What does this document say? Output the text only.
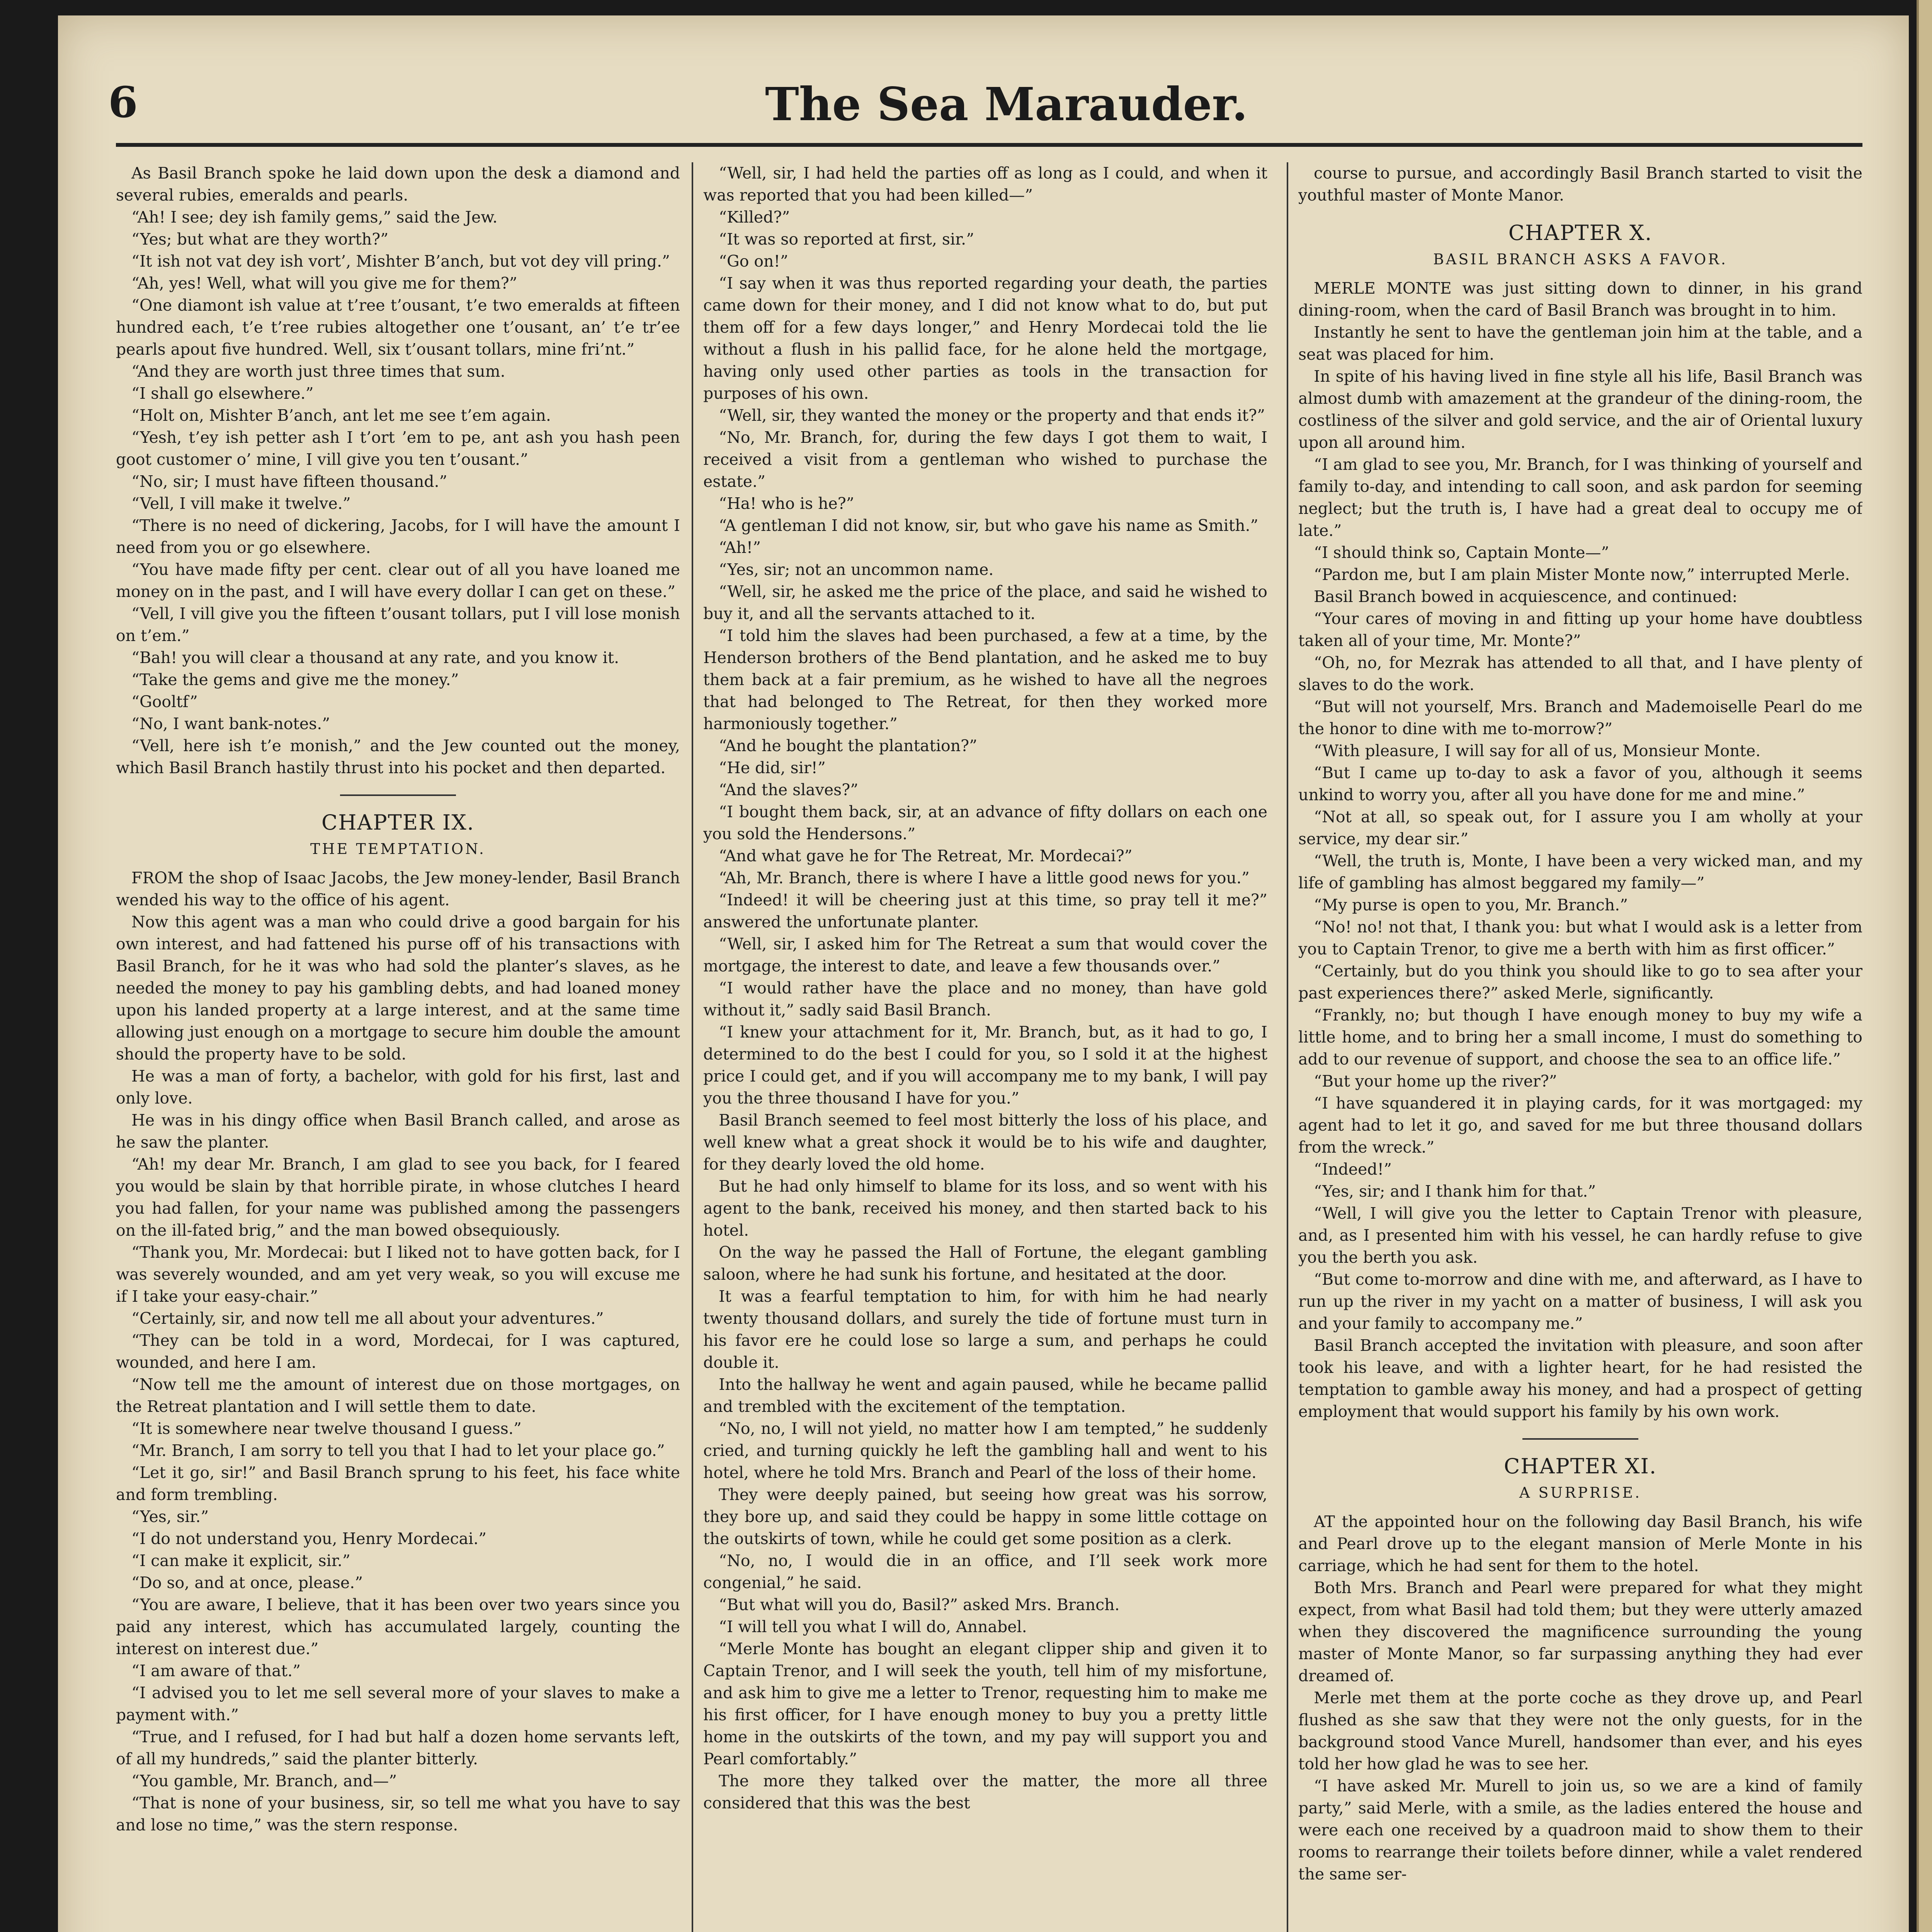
6	The Sea Marauder.

As Basil Branch spoke he laid down upon the desk a diamond and several rubies, emeralds and pearls.

“Ah! I see; dey ish family gems,” said the Jew.

“Yes; but what are they worth?”

“It ish not vat dey ish vort’, Mishter B’anch, but vot dey vill pring.”

“Ah, yes! Well, what will you give me for them?”

“One diamont ish value at t’ree t’ousant, t’e two emeralds at fifteen hundred each, t’e t’ree rubies altogether one t’ousant, an’ t’e tr’ee pearls apout five hundred. Well, six t’ousant tollars, mine fri’nt.”

“And they are worth just three times that sum.

“I shall go elsewhere.”

“Holt on, Mishter B’anch, ant let me see t’em again.

“Yesh, t’ey ish petter ash I t’ort ’em to pe, ant ash you hash peen goot customer o’ mine, I vill give you ten t’ousant.”

“No, sir; I must have fifteen thousand.”

“Vell, I vill make it twelve.”

“There is no need of dickering, Jacobs, for I will have the amount I need from you or go elsewhere.

“You have made fifty per cent. clear out of all you have loaned me money on in the past, and I will have every dollar I can get on these.”

“Vell, I vill give you the fifteen t’ousant tollars, put I vill lose monish on t’em.”

“Bah! you will clear a thousand at any rate, and you know it.

“Take the gems and give me the money.”

“Gooltf”

“No, I want bank-notes.”

“Vell, here ish t’e monish,” and the Jew counted out the money, which Basil Branch hastily thrust into his pocket and then departed.

CHAPTER IX.
THE TEMPTATION.

FROM the shop of Isaac Jacobs, the Jew money-lender, Basil Branch wended his way to the office of his agent.

Now this agent was a man who could drive a good bargain for his own interest, and had fattened his purse off of his transactions with Basil Branch, for he it was who had sold the planter’s slaves, as he needed the money to pay his gambling debts, and had loaned money upon his landed property at a large interest, and at the same time allowing just enough on a mortgage to secure him double the amount should the property have to be sold.

He was a man of forty, a bachelor, with gold for his first, last and only love.

He was in his dingy office when Basil Branch called, and arose as he saw the planter.

“Ah! my dear Mr. Branch, I am glad to see you back, for I feared you would be slain by that horrible pirate, in whose clutches I heard you had fallen, for your name was published among the passengers on the ill-fated brig,” and the man bowed obsequiously.

“Thank you, Mr. Mordecai: but I liked not to have gotten back, for I was severely wounded, and am yet very weak, so you will excuse me if I take your easy-chair.”

“Certainly, sir, and now tell me all about your adventures.”

“They can be told in a word, Mordecai, for I was captured, wounded, and here I am.

“Now tell me the amount of interest due on those mortgages, on the Retreat plantation and I will settle them to date.

“It is somewhere near twelve thousand I guess.”

“Mr. Branch, I am sorry to tell you that I had to let your place go.”

“Let it go, sir!” and Basil Branch sprung to his feet, his face white and form trembling.

“Yes, sir.”

“I do not understand you, Henry Mordecai.”

“I can make it explicit, sir.”

“Do so, and at once, please.”

“You are aware, I believe, that it has been over two years since you paid any interest, which has accumulated largely, counting the interest on interest due.”

“I am aware of that.”

“I advised you to let me sell several more of your slaves to make a payment with.”

“True, and I refused, for I had but half a dozen home servants left, of all my hundreds,” said the planter bitterly.

“You gamble, Mr. Branch, and—”

“That is none of your business, sir, so tell me what you have to say and lose no time,” was the stern response.

“Well, sir, I had held the parties off as long as I could, and when it was reported that you had been killed—”

“Killed?”

“It was so reported at first, sir.”

“Go on!”

“I say when it was thus reported regarding your death, the parties came down for their money, and I did not know what to do, but put them off for a few days longer,” and Henry Mordecai told the lie without a flush in his pallid face, for he alone held the mortgage, having only used other parties as tools in the transaction for purposes of his own.

“Well, sir, they wanted the money or the property and that ends it?”

“No, Mr. Branch, for, during the few days I got them to wait, I received a visit from a gentleman who wished to purchase the estate.”

“Ha! who is he?”

“A gentleman I did not know, sir, but who gave his name as Smith.”

“Ah!”

“Yes, sir; not an uncommon name.

“Well, sir, he asked me the price of the place, and said he wished to buy it, and all the servants attached to it.

“I told him the slaves had been purchased, a few at a time, by the Henderson brothers of the Bend plantation, and he asked me to buy them back at a fair premium, as he wished to have all the negroes that had belonged to The Retreat, for then they worked more harmoniously together.”

“And he bought the plantation?”

“He did, sir!”

“And the slaves?”

“I bought them back, sir, at an advance of fifty dollars on each one you sold the Hendersons.”

“And what gave he for The Retreat, Mr. Mordecai?”

“Ah, Mr. Branch, there is where I have a little good news for you.”

“Indeed! it will be cheering just at this time, so pray tell it me?” answered the unfortunate planter.

“Well, sir, I asked him for The Retreat a sum that would cover the mortgage, the interest to date, and leave a few thousands over.”

“I would rather have the place and no money, than have gold without it,” sadly said Basil Branch.

“I knew your attachment for it, Mr. Branch, but, as it had to go, I determined to do the best I could for you, so I sold it at the highest price I could get, and if you will accompany me to my bank, I will pay you the three thousand I have for you.”

Basil Branch seemed to feel most bitterly the loss of his place, and well knew what a great shock it would be to his wife and daughter, for they dearly loved the old home.

But he had only himself to blame for its loss, and so went with his agent to the bank, received his money, and then started back to his hotel.

On the way he passed the Hall of Fortune, the elegant gambling saloon, where he had sunk his fortune, and hesitated at the door.

It was a fearful temptation to him, for with him he had nearly twenty thousand dollars, and surely the tide of fortune must turn in his favor ere he could lose so large a sum, and perhaps he could double it.

Into the hallway he went and again paused, while he became pallid and trembled with the excitement of the temptation.

“No, no, I will not yield, no matter how I am tempted,” he suddenly cried, and turning quickly he left the gambling hall and went to his hotel, where he told Mrs. Branch and Pearl of the loss of their home.

They were deeply pained, but seeing how great was his sorrow, they bore up, and said they could be happy in some little cottage on the outskirts of town, while he could get some position as a clerk.

“No, no, I would die in an office, and I’ll seek work more congenial,” he said.

“But what will you do, Basil?” asked Mrs. Branch.

“I will tell you what I will do, Annabel.

“Merle Monte has bought an elegant clipper ship and given it to Captain Trenor, and I will seek the youth, tell him of my misfortune, and ask him to give me a letter to Trenor, requesting him to make me his first officer, for I have enough money to buy you a pretty little home in the outskirts of the town, and my pay will support you and Pearl comfortably.”

The more they talked over the matter, the more all three considered that this was the best

course to pursue, and accordingly Basil Branch started to visit the youthful master of Monte Manor.

CHAPTER X.
BASIL BRANCH ASKS A FAVOR.

MERLE MONTE was just sitting down to dinner, in his grand dining-room, when the card of Basil Branch was brought in to him.

Instantly he sent to have the gentleman join him at the table, and a seat was placed for him.

In spite of his having lived in fine style all his life, Basil Branch was almost dumb with amazement at the grandeur of the dining-room, the costliness of the silver and gold service, and the air of Oriental luxury upon all around him.

“I am glad to see you, Mr. Branch, for I was thinking of yourself and family to-day, and intending to call soon, and ask pardon for seeming neglect; but the truth is, I have had a great deal to occupy me of late.”

“I should think so, Captain Monte—”

“Pardon me, but I am plain Mister Monte now,” interrupted Merle.

Basil Branch bowed in acquiescence, and continued:

“Your cares of moving in and fitting up your home have doubtless taken all of your time, Mr. Monte?”

“Oh, no, for Mezrak has attended to all that, and I have plenty of slaves to do the work.

“But will not yourself, Mrs. Branch and Mademoiselle Pearl do me the honor to dine with me to-morrow?”

“With pleasure, I will say for all of us, Monsieur Monte.

“But I came up to-day to ask a favor of you, although it seems unkind to worry you, after all you have done for me and mine.”

“Not at all, so speak out, for I assure you I am wholly at your service, my dear sir.”

“Well, the truth is, Monte, I have been a very wicked man, and my life of gambling has almost beggared my family—”

“My purse is open to you, Mr. Branch.”

“No! no! not that, I thank you: but what I would ask is a letter from you to Captain Trenor, to give me a berth with him as first officer.”

“Certainly, but do you think you should like to go to sea after your past experiences there?” asked Merle, significantly.

“Frankly, no; but though I have enough money to buy my wife a little home, and to bring her a small income, I must do something to add to our revenue of support, and choose the sea to an office life.”

“But your home up the river?”

“I have squandered it in playing cards, for it was mortgaged: my agent had to let it go, and saved for me but three thousand dollars from the wreck.”

“Indeed!”

“Yes, sir; and I thank him for that.”

“Well, I will give you the letter to Captain Trenor with pleasure, and, as I presented him with his vessel, he can hardly refuse to give you the berth you ask.

“But come to-morrow and dine with me, and afterward, as I have to run up the river in my yacht on a matter of business, I will ask you and your family to accompany me.”

Basil Branch accepted the invitation with pleasure, and soon after took his leave, and with a lighter heart, for he had resisted the temptation to gamble away his money, and had a prospect of getting employment that would support his family by his own work.

CHAPTER XI.
A SURPRISE.

AT the appointed hour on the following day Basil Branch, his wife and Pearl drove up to the elegant mansion of Merle Monte in his carriage, which he had sent for them to the hotel.

Both Mrs. Branch and Pearl were prepared for what they might expect, from what Basil had told them; but they were utterly amazed when they discovered the magnificence surrounding the young master of Monte Manor, so far surpassing anything they had ever dreamed of.

Merle met them at the porte coche as they drove up, and Pearl flushed as she saw that they were not the only guests, for in the background stood Vance Murell, handsomer than ever, and his eyes told her how glad he was to see her.

“I have asked Mr. Murell to join us, so we are a kind of family party,” said Merle, with a smile, as the ladies entered the house and were each one received by a quadroon maid to show them to their rooms to rearrange their toilets before dinner, while a valet rendered the same ser-
